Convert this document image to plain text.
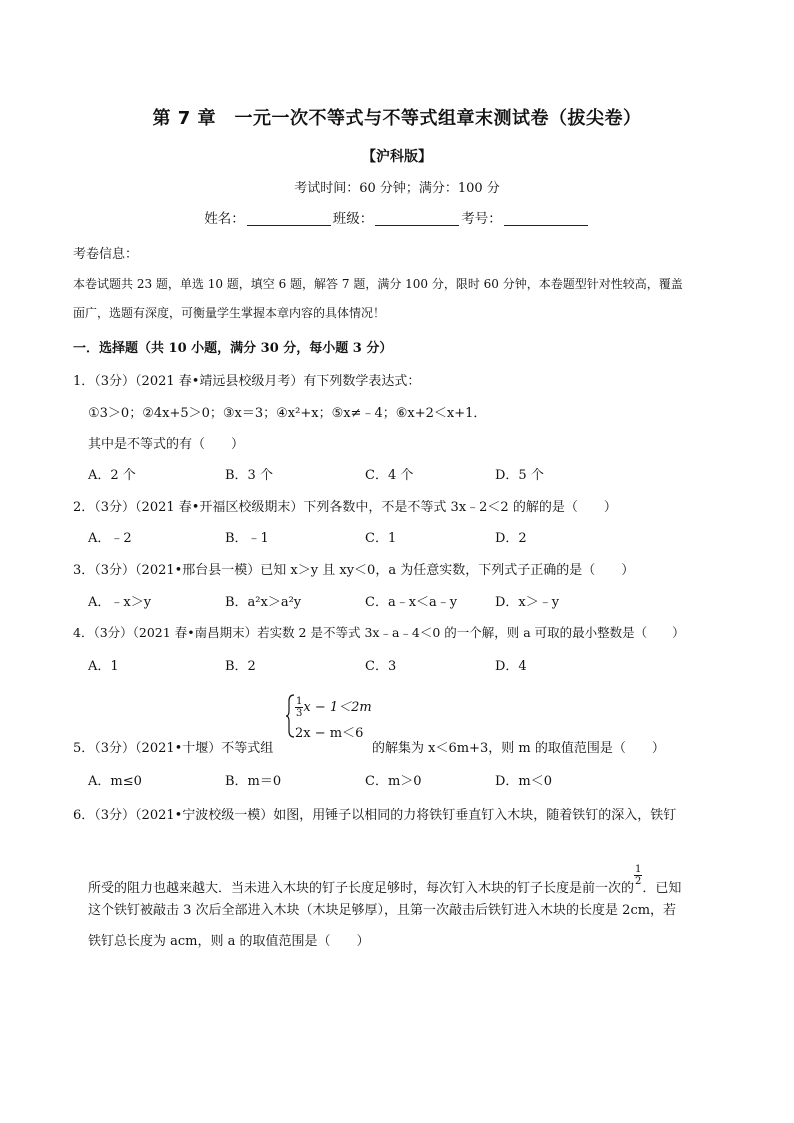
第 7 章　一元一次不等式与不等式组章末测试卷（拔尖卷）
【沪科版】
考试时间：60 分钟；满分：100 分
姓名：	班级：	考号：
考卷信息：
本卷试题共 23 题，单选 10 题，填空 6 题，解答 7 题，满分 100 分，限时 60 分钟，本卷题型针对性较高，覆盖
面广，选题有深度，可衡量学生掌握本章内容的具体情况！
一．选择题（共 10 小题，满分 30 分，每小题 3 分）
1．（3分）（2021 春•靖远县校级月考）有下列数学表达式：
①3＞0；②4x+5＞0；③x＝3；④x²+x；⑤x≠﹣4；⑥x+2＜x+1．
其中是不等式的有（　　）
A．2 个	B．3 个	C．4 个	D．5 个
2．（3分）（2021 春•开福区校级期末）下列各数中，不是不等式 3x﹣2＜2 的解的是（　　）
A．﹣2	B．﹣1	C．1	D．2
3．（3分）（2021•邢台县一模）已知 x＞y 且 xy＜0，a 为任意实数，下列式子正确的是（　　）
A．﹣x＞y	B．a²x＞a²y	C．a﹣x＜a﹣y	D．x＞﹣y
4．（3分）（2021 春•南昌期末）若实数 2 是不等式 3x﹣a﹣4＜0 的一个解，则 a 可取的最小整数是（　　）
A．1	B．2	C．3	D．4
5．（3分）（2021•十堰）不等式组
$\frac{1}{3}$ x − 1＜2m
2x − m＜6
的解集为 x＜6m+3，则 m 的取值范围是（　　）
A．m≤0	B．m＝0	C．m＞0	D．m＜0
6．（3分）（2021•宁波校级一模）如图，用锤子以相同的力将铁钉垂直钉入木块，随着铁钉的深入，铁钉
所受的阻力也越来越大．当未进入木块的钉子长度足够时，每次钉入木块的钉子长度是前一次的
$\frac{1}{2}$
．已知
这个铁钉被敲击 3 次后全部进入木块（木块足够厚），且第一次敲击后铁钉进入木块的长度是 2cm，若
铁钉总长度为 acm，则 a 的取值范围是（　　）
